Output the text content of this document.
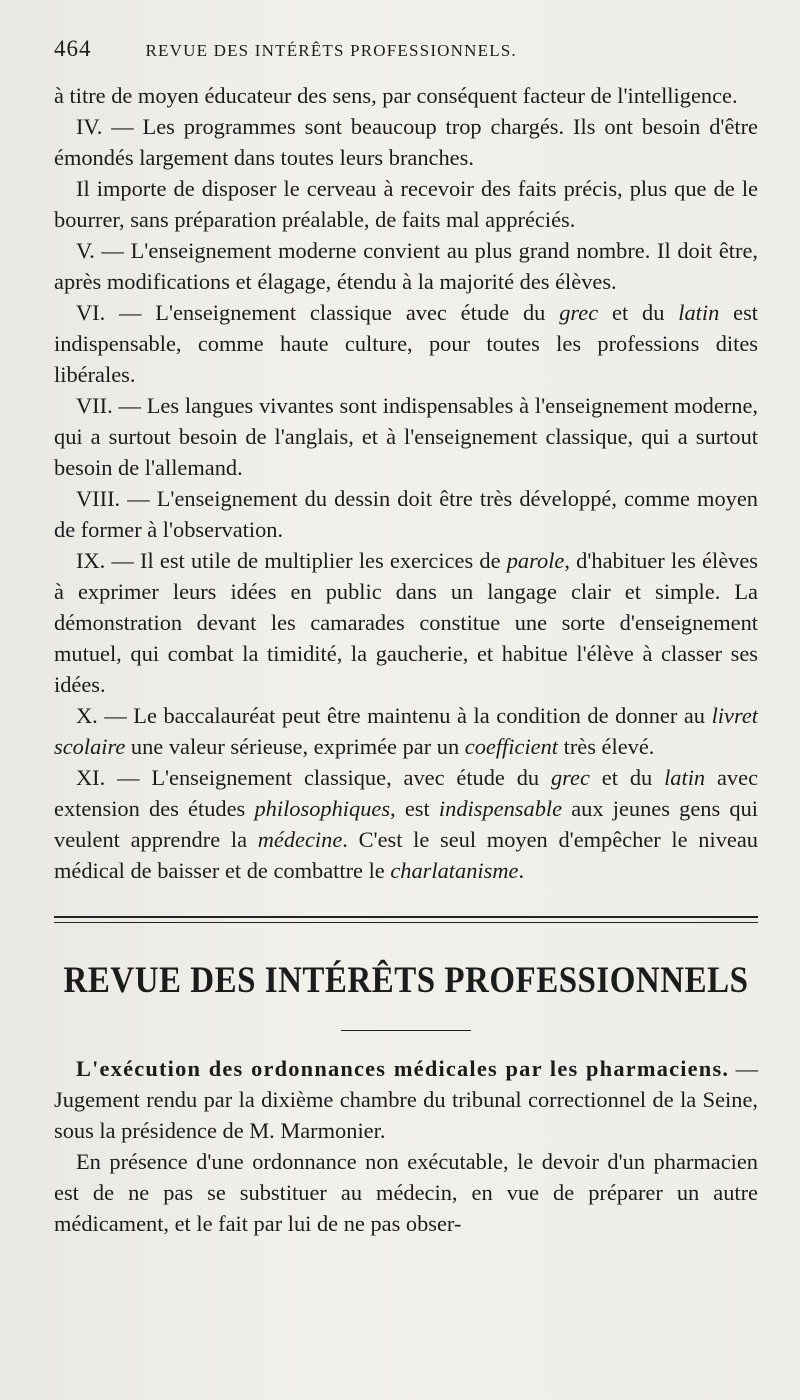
464	REVUE DES INTÉRÊTS PROFESSIONNELS.

à titre de moyen éducateur des sens, par conséquent facteur de l'intelligence.

IV. — Les programmes sont beaucoup trop chargés. Ils ont besoin d'être émondés largement dans toutes leurs branches.

Il importe de disposer le cerveau à recevoir des faits précis, plus que de le bourrer, sans préparation préalable, de faits mal appréciés.

V. — L'enseignement moderne convient au plus grand nombre. Il doit être, après modifications et élagage, étendu à la majorité des élèves.

VI. — L'enseignement classique avec étude du grec et du latin est indispensable, comme haute culture, pour toutes les professions dites libérales.

VII. — Les langues vivantes sont indispensables à l'enseignement moderne, qui a surtout besoin de l'anglais, et à l'enseignement classique, qui a surtout besoin de l'allemand.

VIII. — L'enseignement du dessin doit être très développé, comme moyen de former à l'observation.

IX. — Il est utile de multiplier les exercices de parole, d'habituer les élèves à exprimer leurs idées en public dans un langage clair et simple. La démonstration devant les camarades constitue une sorte d'enseignement mutuel, qui combat la timidité, la gaucherie, et habitue l'élève à classer ses idées.

X. — Le baccalauréat peut être maintenu à la condition de donner au livret scolaire une valeur sérieuse, exprimée par un coefficient très élevé.

XI. — L'enseignement classique, avec étude du grec et du latin avec extension des études philosophiques, est indispensable aux jeunes gens qui veulent apprendre la médecine. C'est le seul moyen d'empêcher le niveau médical de baisser et de combattre le charlatanisme.

REVUE DES INTÉRÊTS PROFESSIONNELS

L'exécution des ordonnances médicales par les pharmaciens. — Jugement rendu par la dixième chambre du tribunal correctionnel de la Seine, sous la présidence de M. Marmonier.

En présence d'une ordonnance non exécutable, le devoir d'un pharmacien est de ne pas se substituer au médecin, en vue de préparer un autre médicament, et le fait par lui de ne pas obser-
